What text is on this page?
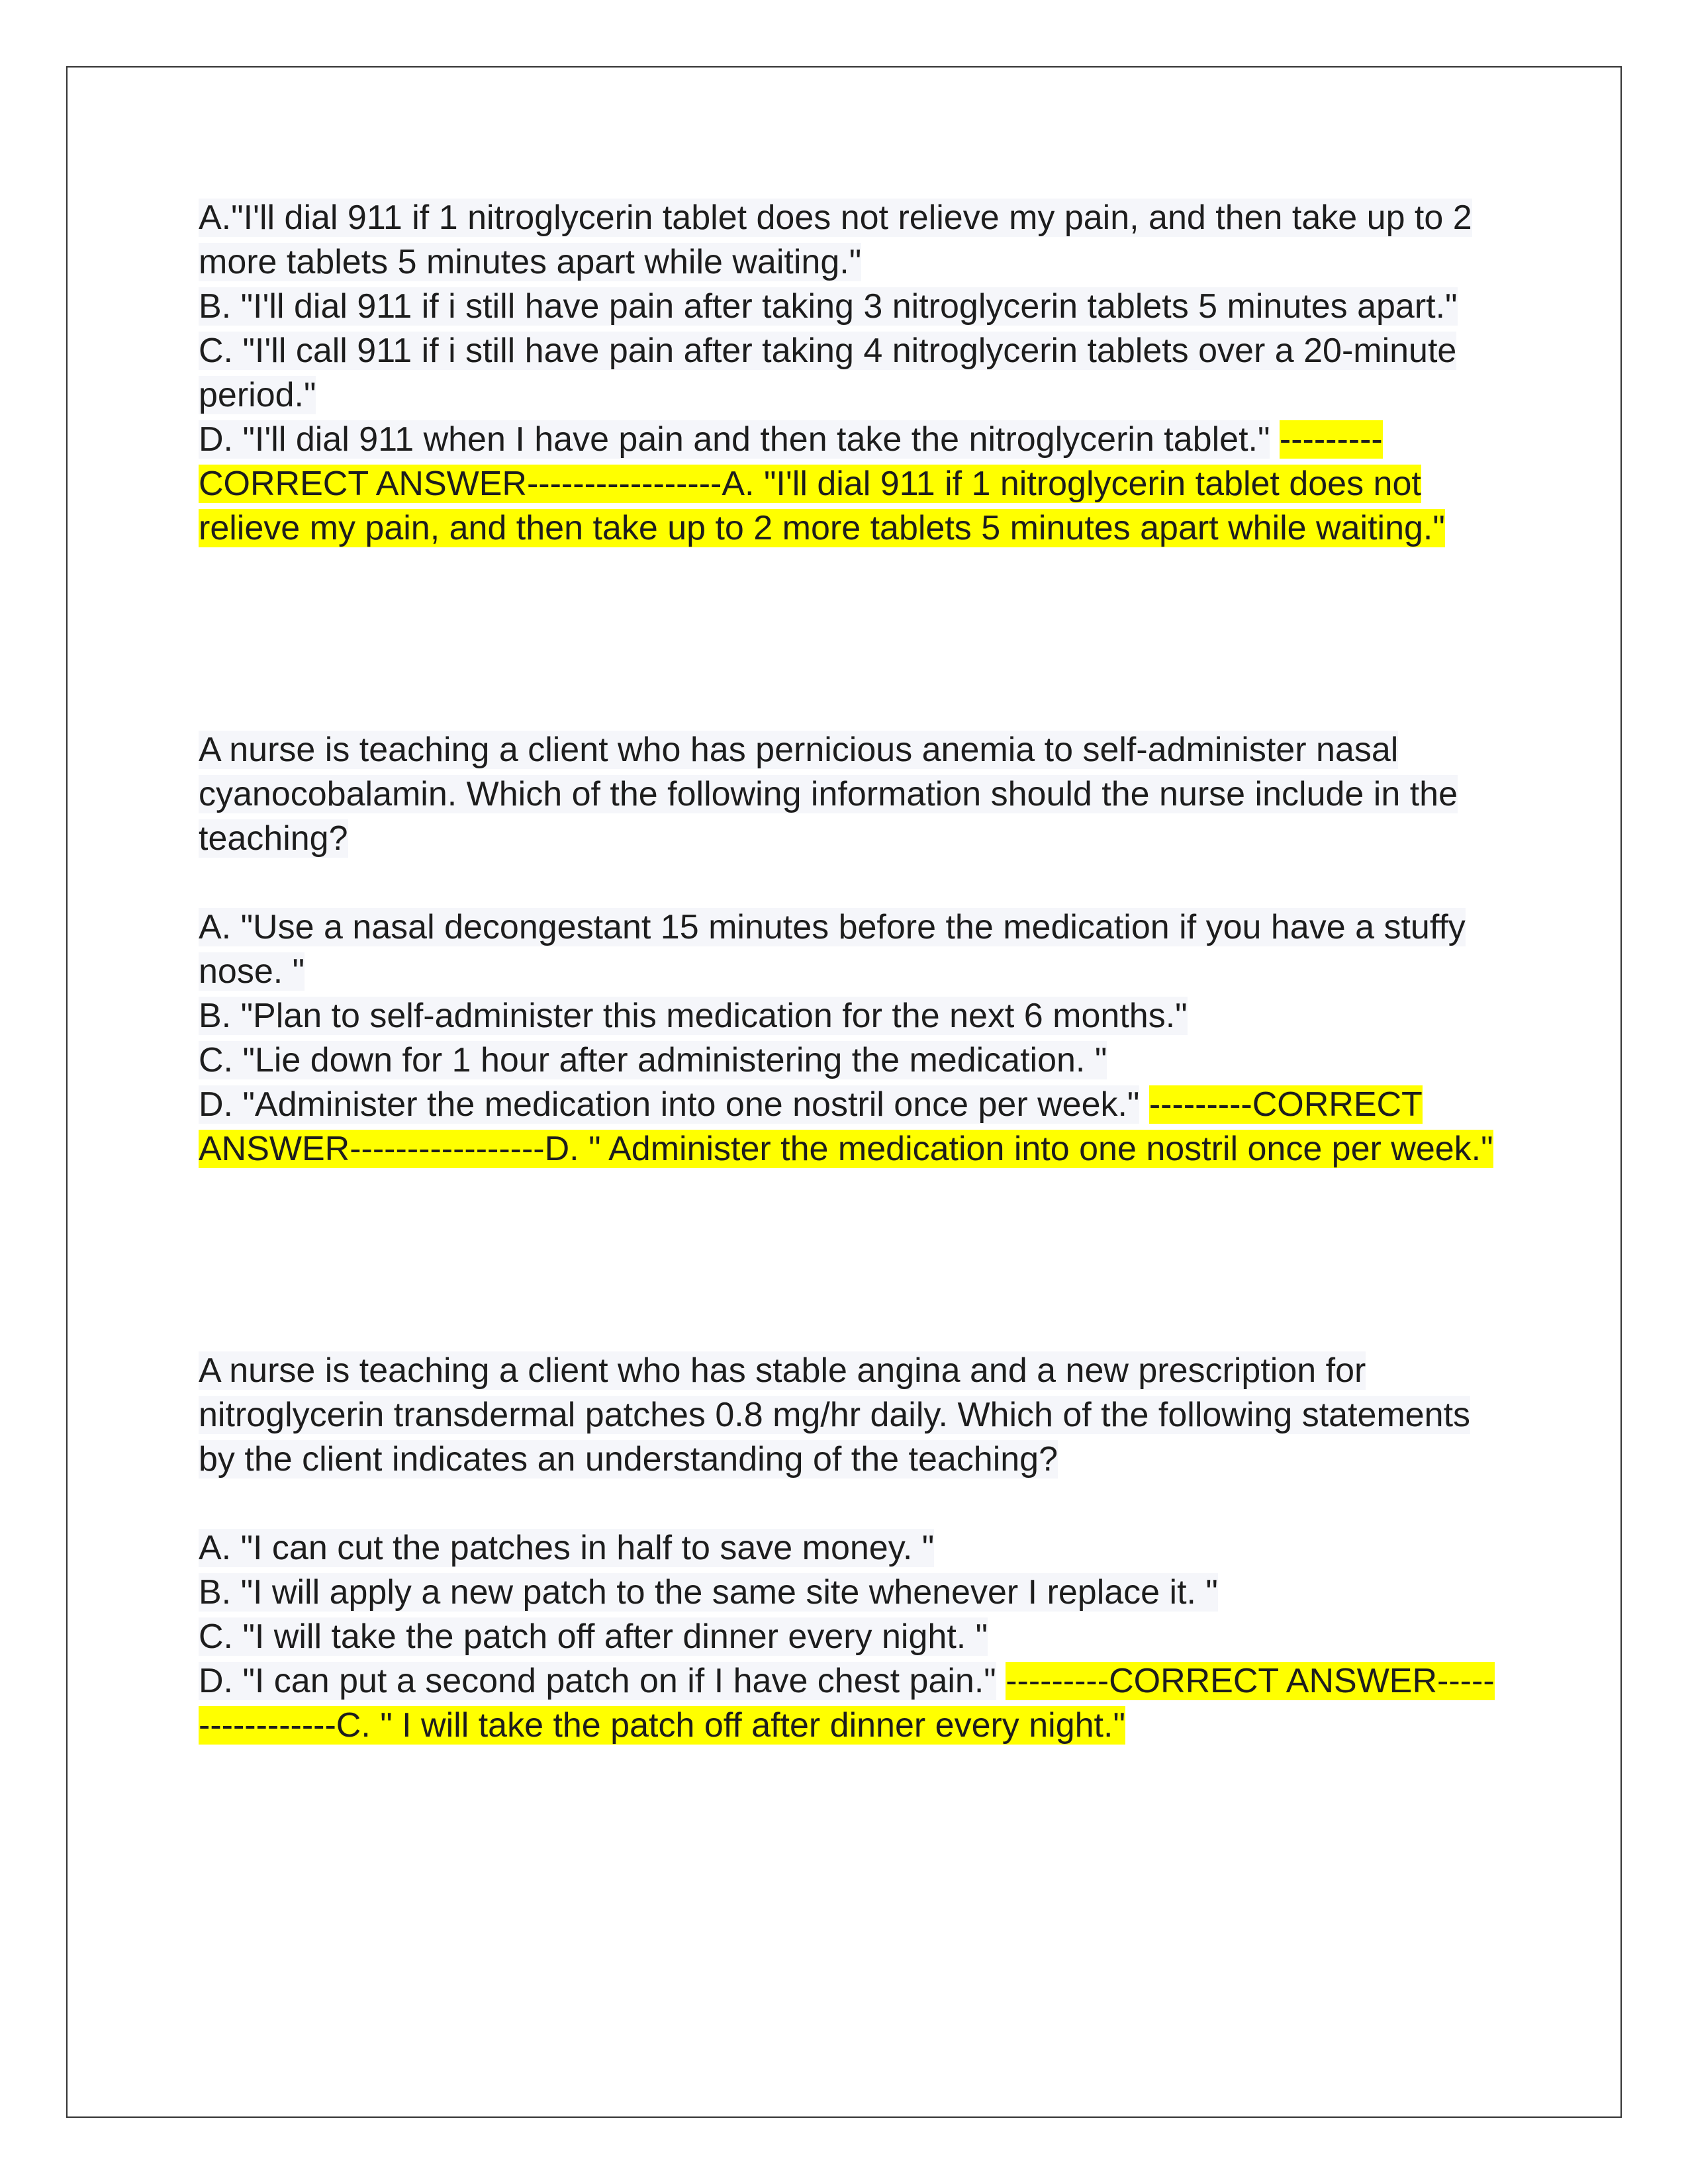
A."I'll dial 911 if 1 nitroglycerin tablet does not relieve my pain, and then take up to 2 more tablets 5 minutes apart while waiting."
B. "I'll dial 911 if i still have pain after taking 3 nitroglycerin tablets 5 minutes apart."
C. "I'll call 911 if i still have pain after taking 4 nitroglycerin tablets over a 20-minute period."
D. "I'll dial 911 when I have pain and then take the nitroglycerin tablet." ---------CORRECT ANSWER-----------------A. "I'll dial 911 if 1 nitroglycerin tablet does not relieve my pain, and then take up to 2 more tablets 5 minutes apart while waiting."
A nurse is teaching a client who has pernicious anemia to self-administer nasal cyanocobalamin. Which of the following information should the nurse include in the teaching?
A. "Use a nasal decongestant 15 minutes before the medication if you have a stuffy nose. "
B. "Plan to self-administer this medication for the next 6 months."
C. "Lie down for 1 hour after administering the medication. "
D. "Administer the medication into one nostril once per week." ---------CORRECT ANSWER-----------------D. " Administer the medication into one nostril once per week."
A nurse is teaching a client who has stable angina and a new prescription for nitroglycerin transdermal patches 0.8 mg/hr daily. Which of the following statements by the client indicates an understanding of the teaching?
A. "I can cut the patches in half to save money. "
B. "I will apply a new patch to the same site whenever I replace it. "
C. "I will take the patch off after dinner every night. "
D. "I can put a second patch on if I have chest pain." ---------CORRECT ANSWER-----------------C. " I will take the patch off after dinner every night."
